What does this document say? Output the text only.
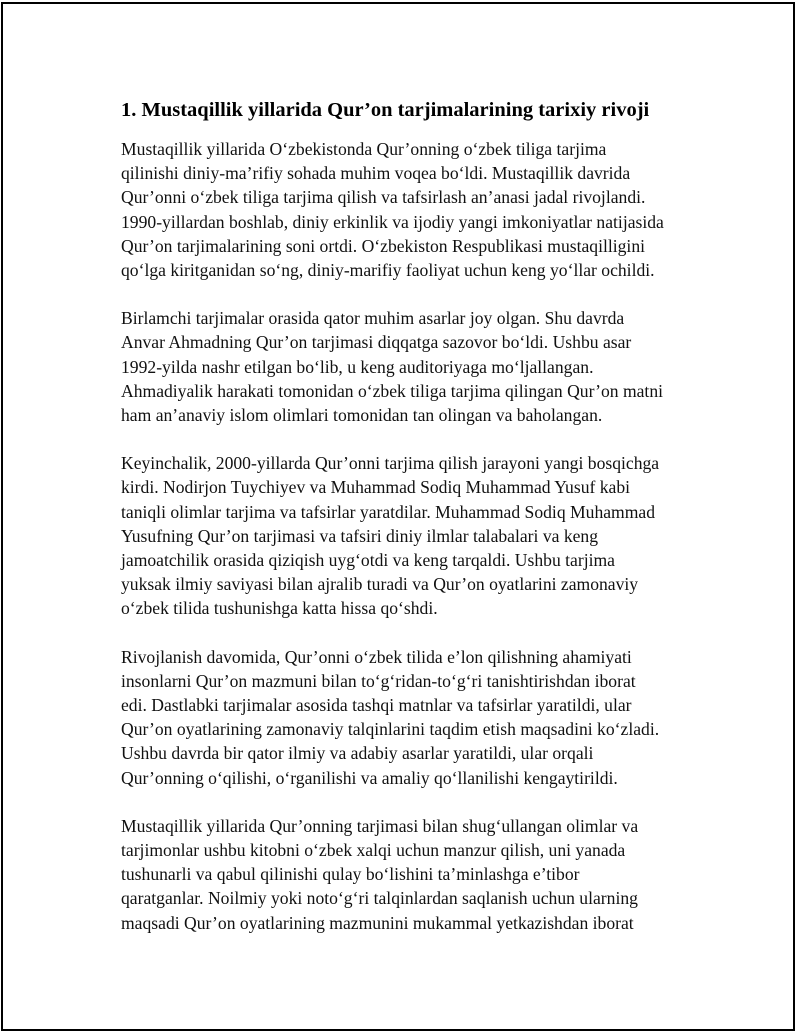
1. Mustaqillik yillarida Qur’on tarjimalarining tarixiy rivoji
Mustaqillik yillarida O‘zbekistonda Qur’onning o‘zbek tiliga tarjima
qilinishi diniy-ma’rifiy sohada muhim voqea bo‘ldi. Mustaqillik davrida
Qur’onni o‘zbek tiliga tarjima qilish va tafsirlash an’anasi jadal rivojlandi.
1990-yillardan boshlab, diniy erkinlik va ijodiy yangi imkoniyatlar natijasida
Qur’on tarjimalarining soni ortdi. O‘zbekiston Respublikasi mustaqilligini
qo‘lga kiritganidan so‘ng, diniy-marifiy faoliyat uchun keng yo‘llar ochildi.
Birlamchi tarjimalar orasida qator muhim asarlar joy olgan. Shu davrda
Anvar Ahmadning Qur’on tarjimasi diqqatga sazovor bo‘ldi. Ushbu asar
1992-yilda nashr etilgan bo‘lib, u keng auditoriyaga mo‘ljallangan.
Ahmadiyalik harakati tomonidan o‘zbek tiliga tarjima qilingan Qur’on matni
ham an’anaviy islom olimlari tomonidan tan olingan va baholangan.
Keyinchalik, 2000-yillarda Qur’onni tarjima qilish jarayoni yangi bosqichga
kirdi. Nodirjon Tuychiyev va Muhammad Sodiq Muhammad Yusuf kabi
taniqli olimlar tarjima va tafsirlar yaratdilar. Muhammad Sodiq Muhammad
Yusufning Qur’on tarjimasi va tafsiri diniy ilmlar talabalari va keng
jamoatchilik orasida qiziqish uyg‘otdi va keng tarqaldi. Ushbu tarjima
yuksak ilmiy saviyasi bilan ajralib turadi va Qur’on oyatlarini zamonaviy
o‘zbek tilida tushunishga katta hissa qo‘shdi.
Rivojlanish davomida, Qur’onni o‘zbek tilida e’lon qilishning ahamiyati
insonlarni Qur’on mazmuni bilan to‘g‘ridan-to‘g‘ri tanishtirishdan iborat
edi. Dastlabki tarjimalar asosida tashqi matnlar va tafsirlar yaratildi, ular
Qur’on oyatlarining zamonaviy talqinlarini taqdim etish maqsadini ko‘zladi.
Ushbu davrda bir qator ilmiy va adabiy asarlar yaratildi, ular orqali
Qur’onning o‘qilishi, o‘rganilishi va amaliy qo‘llanilishi kengaytirildi.
Mustaqillik yillarida Qur’onning tarjimasi bilan shug‘ullangan olimlar va
tarjimonlar ushbu kitobni o‘zbek xalqi uchun manzur qilish, uni yanada
tushunarli va qabul qilinishi qulay bo‘lishini ta’minlashga e’tibor
qaratganlar. Noilmiy yoki noto‘g‘ri talqinlardan saqlanish uchun ularning
maqsadi Qur’on oyatlarining mazmunini mukammal yetkazishdan iborat
